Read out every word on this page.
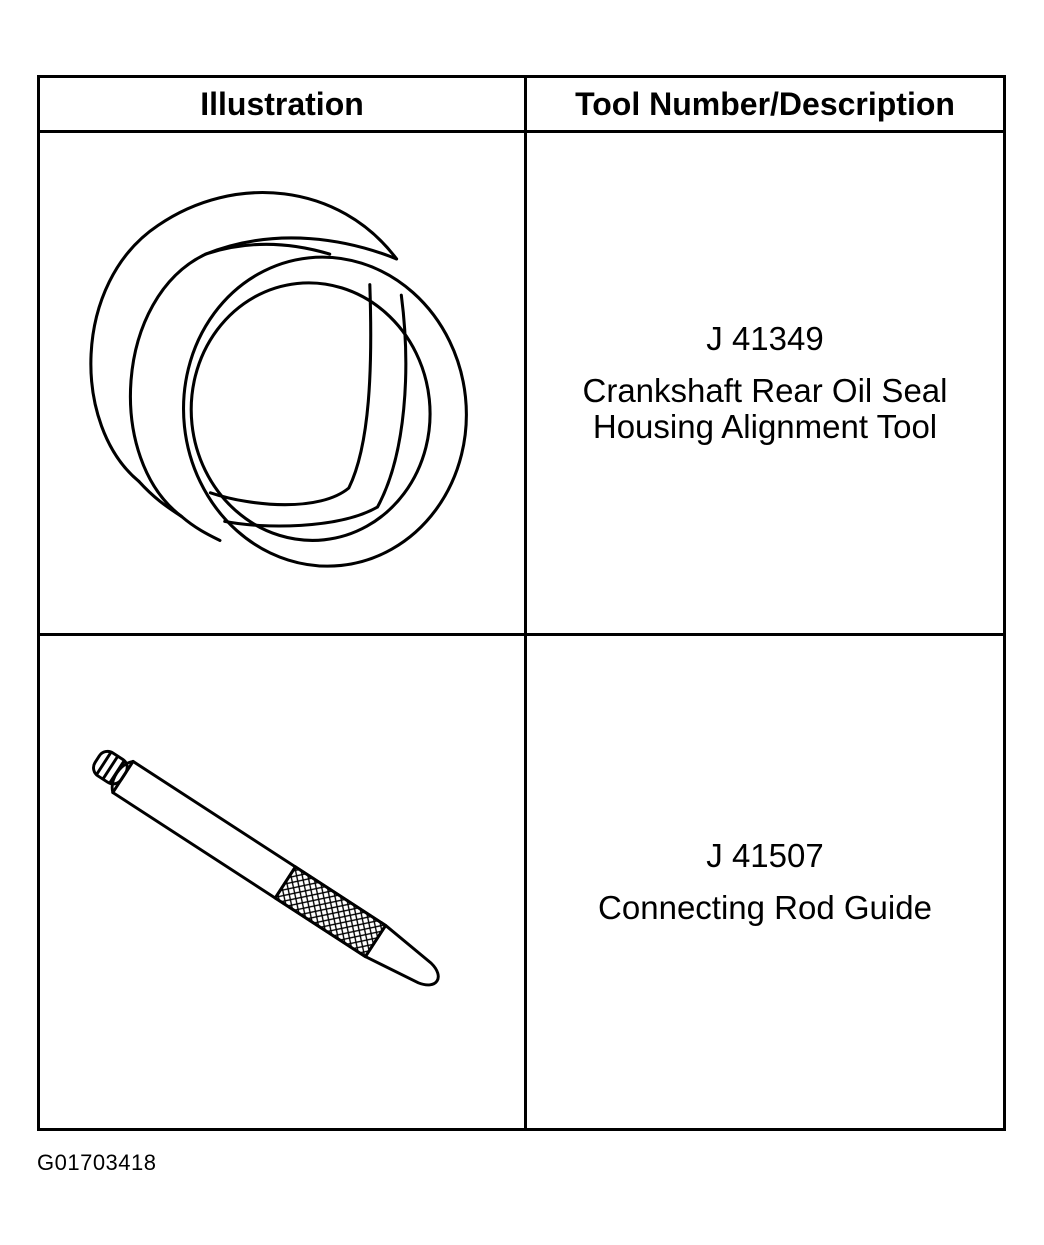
Illustration	Tool Number/Description

J 41349
Crankshaft Rear Oil Seal
Housing Alignment Tool

J 41507
Connecting Rod Guide
G01703418
